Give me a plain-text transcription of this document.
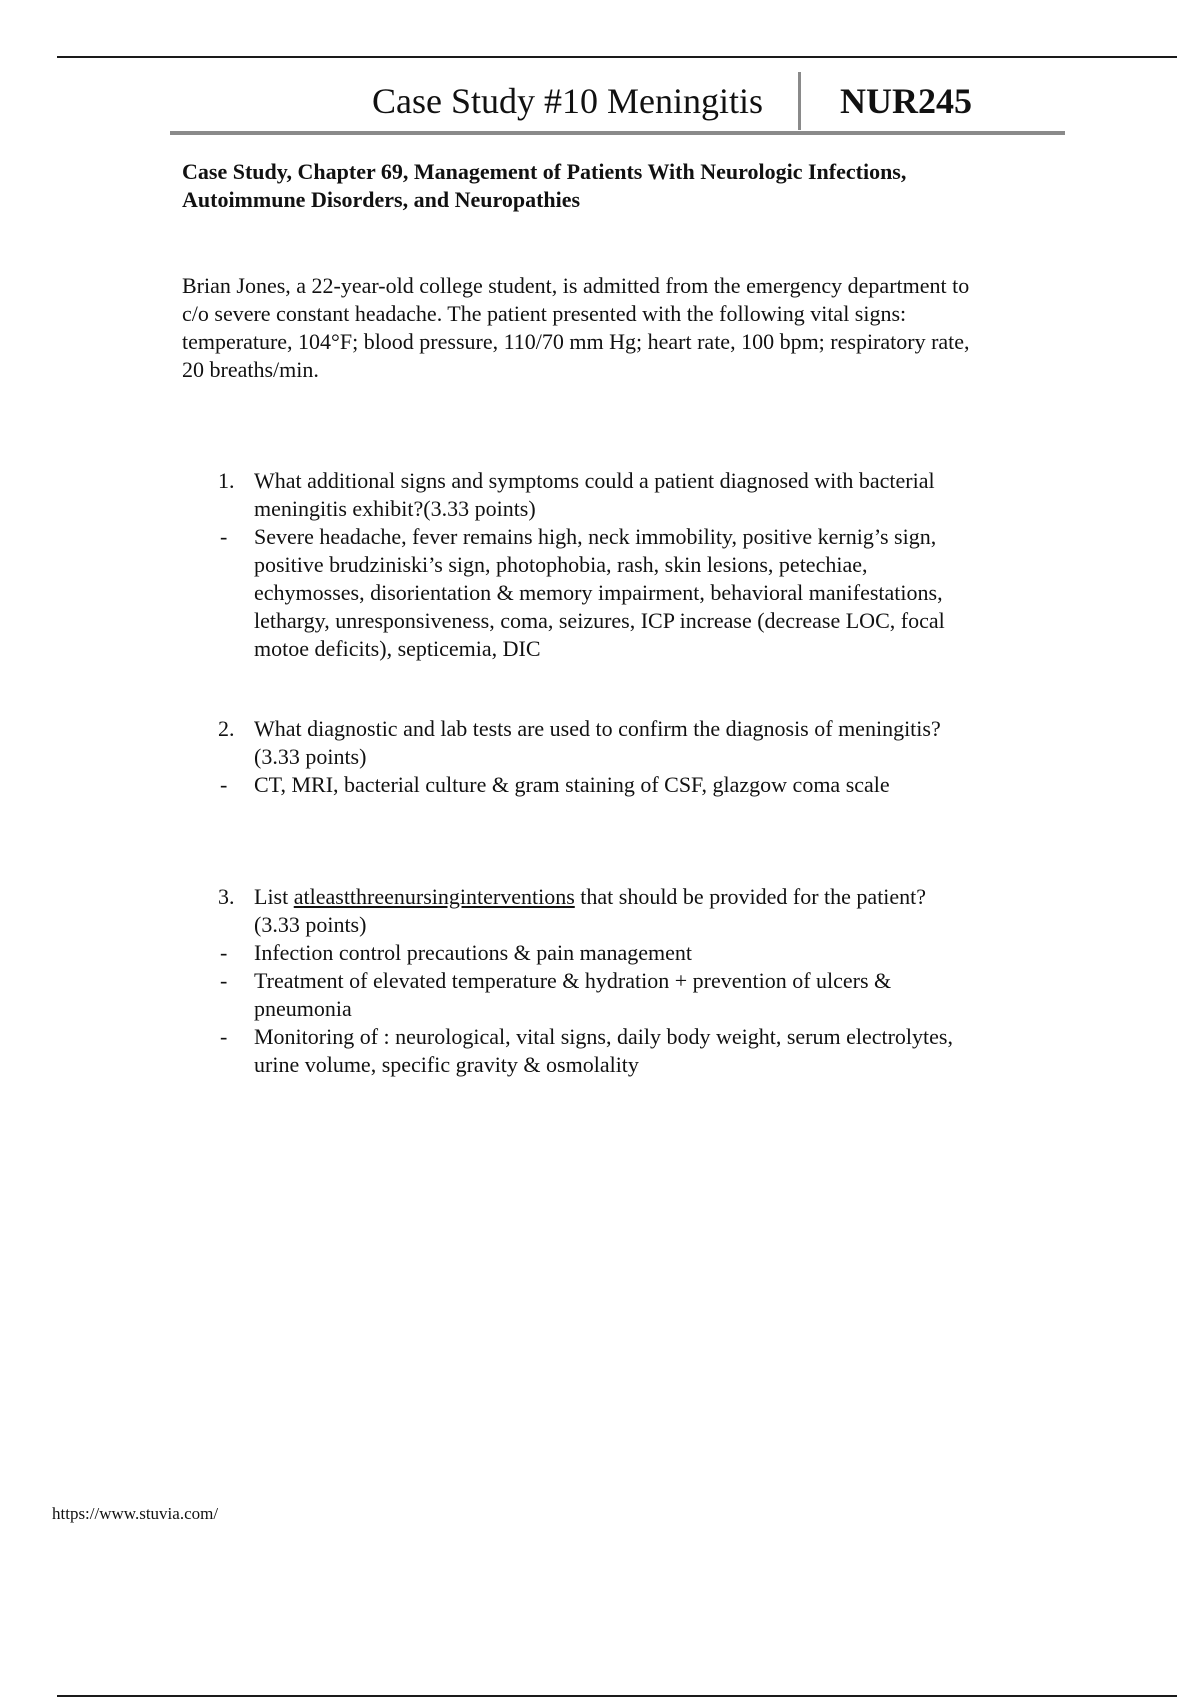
Case Study #10 Meningitis NUR245
Case Study, Chapter 69, Management of Patients With Neurologic Infections,
Autoimmune Disorders, and Neuropathies
Brian Jones, a 22-year-old college student, is admitted from the emergency department to
c/o severe constant headache. The patient presented with the following vital signs:
temperature, 104°F; blood pressure, 110/70 mm Hg; heart rate, 100 bpm; respiratory rate,
20 breaths/min.
1. What additional signs and symptoms could a patient diagnosed with bacterial
meningitis exhibit?(3.33 points)
- Severe headache, fever remains high, neck immobility, positive kernig’s sign,
positive brudziniski’s sign, photophobia, rash, skin lesions, petechiae,
echymosses, disorientation & memory impairment, behavioral manifestations,
lethargy, unresponsiveness, coma, seizures, ICP increase (decrease LOC, focal
motoe deficits), septicemia, DIC
2. What diagnostic and lab tests are used to confirm the diagnosis of meningitis?
(3.33 points)
- CT, MRI, bacterial culture & gram staining of CSF, glazgow coma scale
3. List atleastthreenursinginterventions that should be provided for the patient?
(3.33 points)
- Infection control precautions & pain management
- Treatment of elevated temperature & hydration + prevention of ulcers &
pneumonia
- Monitoring of : neurological, vital signs, daily body weight, serum electrolytes,
urine volume, specific gravity & osmolality
https://www.stuvia.com/
